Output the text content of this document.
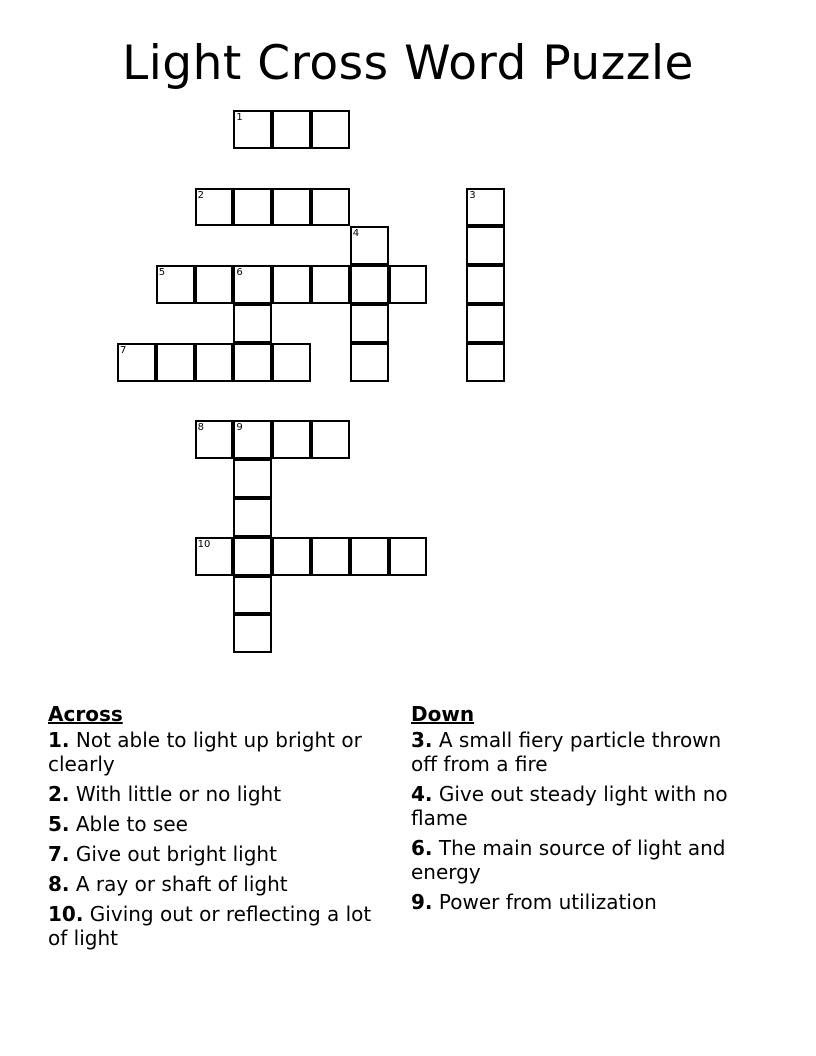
Light Cross Word Puzzle
1
2	3
4
5	6
7
8	9
10
Across
1. Not able to light up bright or clearly
2. With little or no light
5. Able to see
7. Give out bright light
8. A ray or shaft of light
10. Giving out or reflecting a lot of light
Down
3. A small fiery particle thrown off from a fire
4. Give out steady light with no flame
6. The main source of light and energy
9. Power from utilization
